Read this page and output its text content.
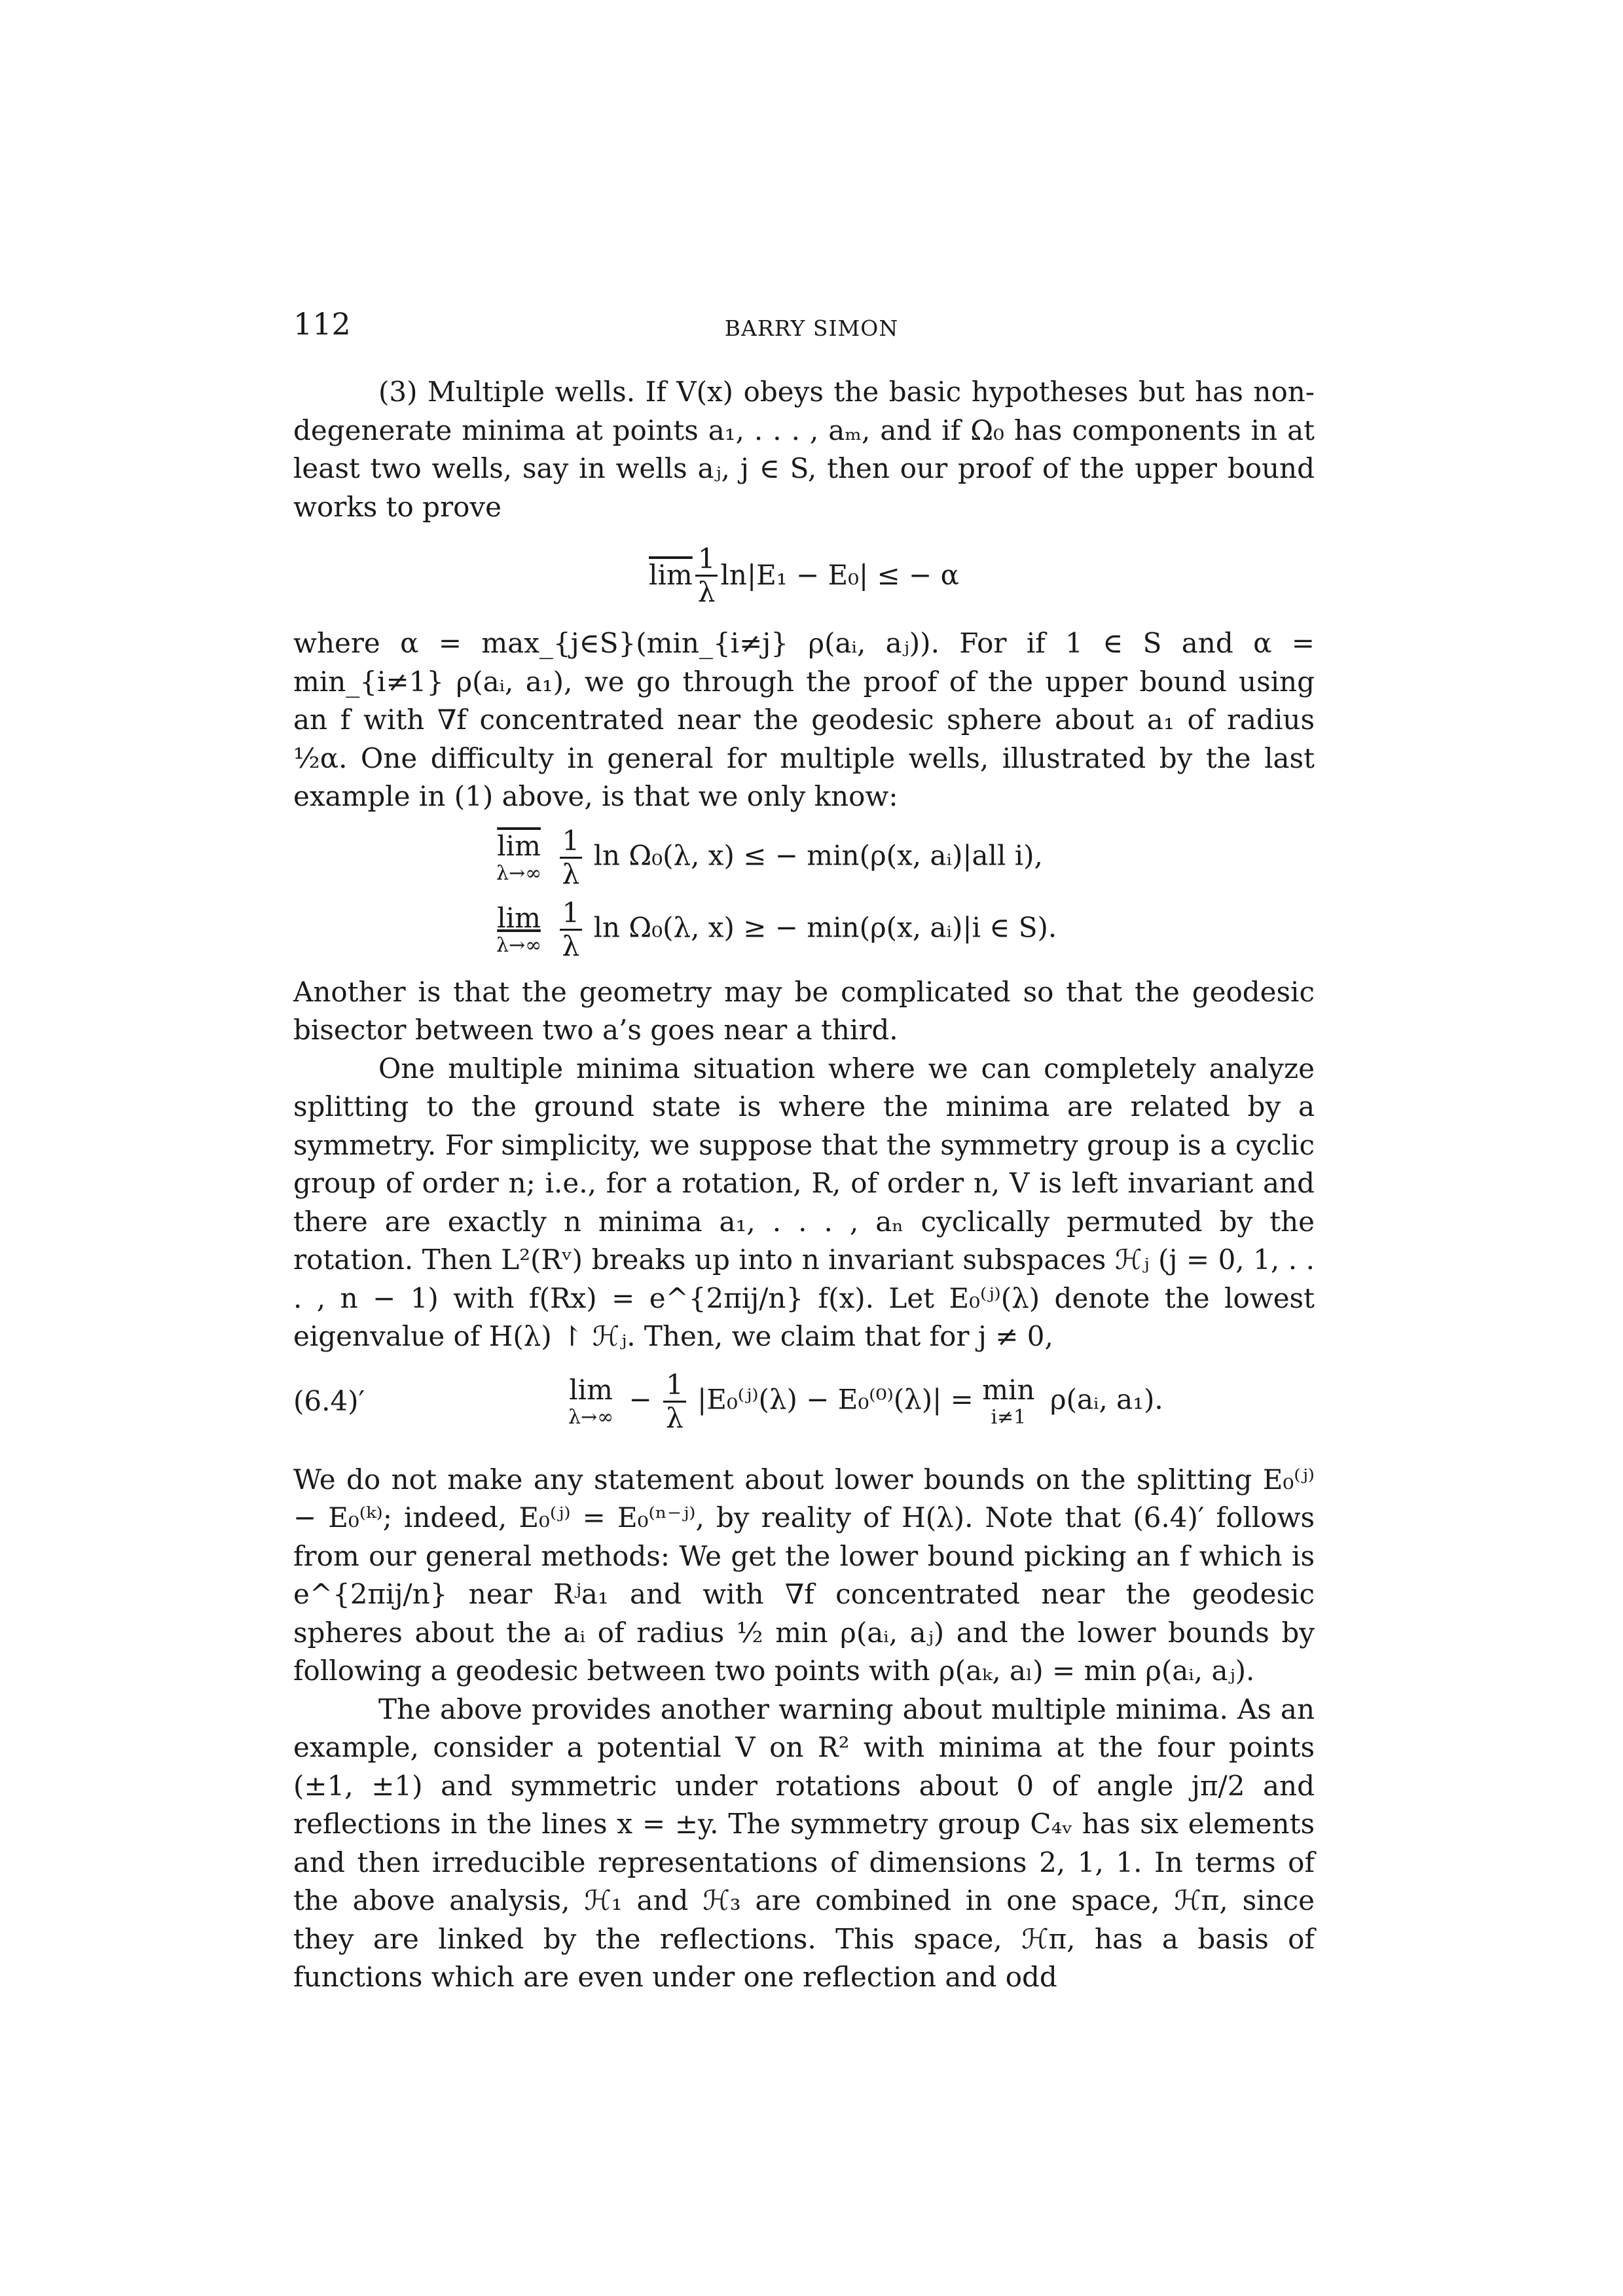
112	BARRY SIMON

(3) Multiple wells. If V(x) obeys the basic hypotheses but has non-degenerate minima at points a₁, . . . , aₘ, and if Ω₀ has components in at least two wells, say in wells aⱼ, j ∈ S, then our proof of the upper bound works to prove

$\overline{lim} \frac{1}{\lambda} \ln|E_1 - E_0|$ ≤ − α

where α = max_{j∈S}(min_{i≠j} ρ(aᵢ, aⱼ)). For if 1 ∈ S and α = min_{i≠1} ρ(aᵢ, a₁), we go through the proof of the upper bound using an f with ∇f concentrated near the geodesic sphere about a₁ of radius ½α. One difficulty in general for multiple wells, illustrated by the last example in (1) above, is that we only know:

$\overline{lim}$
λ→∞
$\frac{1}{\lambda}$ ln Ω₀(λ, x) ≤ − min(ρ(x, aᵢ)|all i),
lim
λ→∞
$\frac{1}{\lambda}$ ln Ω₀(λ, x) ≥ − min(ρ(x, aᵢ)|i ∈ S).

Another is that the geometry may be complicated so that the geodesic bisector between two a’s goes near a third.

One multiple minima situation where we can completely analyze splitting to the ground state is where the minima are related by a symmetry. For simplicity, we suppose that the symmetry group is a cyclic group of order n; i.e., for a rotation, R, of order n, V is left invariant and there are exactly n minima a₁, . . . , aₙ cyclically permuted by the rotation. Then L²(Rᵛ) breaks up into n invariant subspaces ℋⱼ (j = 0, 1, . . . , n − 1) with f(Rx) = e^{2πij/n} f(x). Let E₀⁽ʲ⁾(λ) denote the lowest eigenvalue of H(λ) ↾ ℋⱼ. Then, we claim that for j ≠ 0,

(6.4)′	lim
λ→∞
− $\frac{1}{\lambda}$ |E₀⁽ʲ⁾(λ) − E₀⁽⁰⁾(λ)| = min
i≠1
ρ(aᵢ, a₁).

We do not make any statement about lower bounds on the splitting E₀⁽ʲ⁾ − E₀⁽ᵏ⁾; indeed, E₀⁽ʲ⁾ = E₀⁽ⁿ⁻ʲ⁾, by reality of H(λ). Note that (6.4)′ follows from our general methods: We get the lower bound picking an f which is e^{2πij/n} near Rʲa₁ and with ∇f concentrated near the geodesic spheres about the aᵢ of radius ½ min ρ(aᵢ, aⱼ) and the lower bounds by following a geodesic between two points with ρ(aₖ, aₗ) = min ρ(aᵢ, aⱼ).

The above provides another warning about multiple minima. As an example, consider a potential V on R² with minima at the four points (±1, ±1) and symmetric under rotations about 0 of angle jπ/2 and reflections in the lines x = ±y. The symmetry group C₄ᵥ has six elements and then irreducible representations of dimensions 2, 1, 1. In terms of the above analysis, ℋ₁ and ℋ₃ are combined in one space, ℋπ, since they are linked by the reflections. This space, ℋπ, has a basis of functions which are even under one reflection and odd
